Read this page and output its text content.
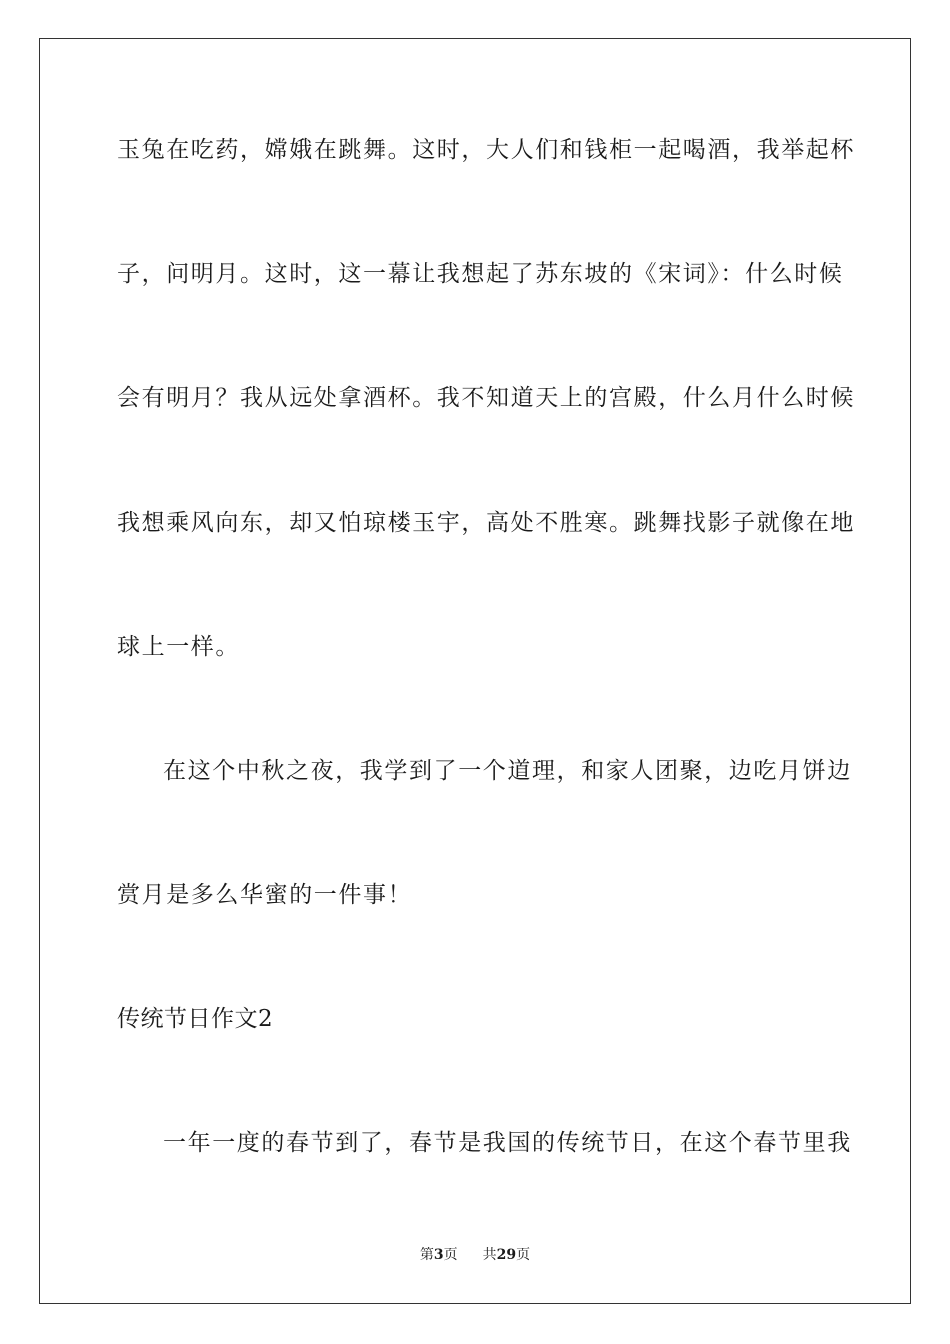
玉兔在吃药，嫦娥在跳舞。这时，大人们和钱柜一起喝酒，我举起杯
子，问明月。这时，这一幕让我想起了苏东坡的《宋词》：什么时候
会有明月？我从远处拿酒杯。我不知道天上的宫殿，什么月什么时候
我想乘风向东，却又怕琼楼玉宇，高处不胜寒。跳舞找影子就像在地
球上一样。
在这个中秋之夜，我学到了一个道理，和家人团聚，边吃月饼边
赏月是多么华蜜的一件事！
传统节日作文2
一年一度的春节到了，春节是我国的传统节日，在这个春节里我
第3页 共29页
